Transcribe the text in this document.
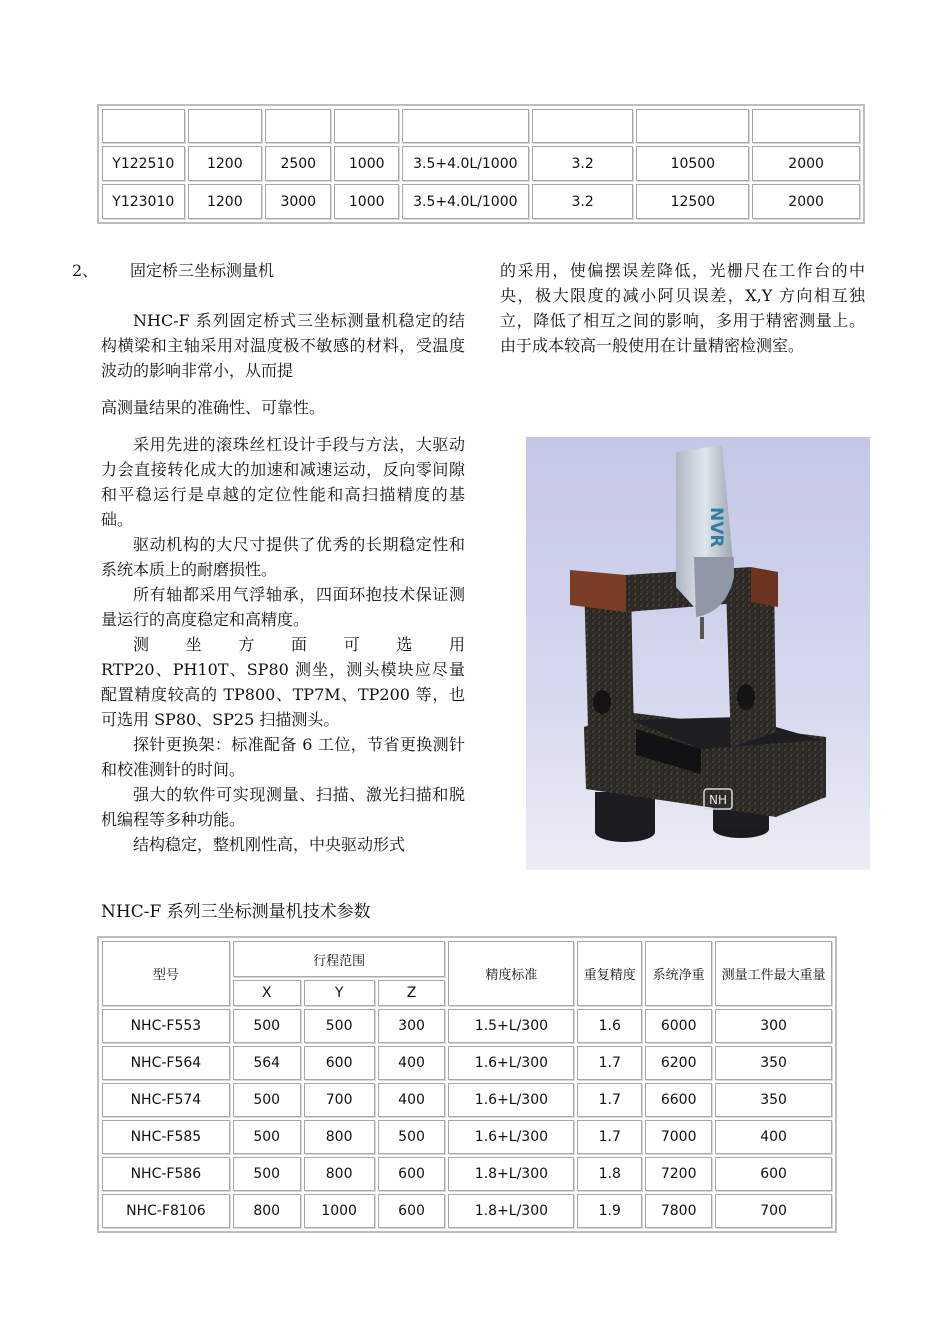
Y122510	1200	2500	1000	3.5+4.0L/1000	3.2	10500	2000
Y123010	1200	3000	1000	3.5+4.0L/1000	3.2	12500	2000
2、 固定桥三坐标测量机

NHC-F 系列固定桥式三坐标测量机稳定的结构横梁和主轴采用对温度极不敏感的材料，受温度波动的影响非常小，从而提

高测量结果的准确性、可靠性。

采用先进的滚珠丝杠设计手段与方法，大驱动力会直接转化成大的加速和减速运动，反向零间隙和平稳运行是卓越的定位性能和高扫描精度的基础。

驱动机构的大尺寸提供了优秀的长期稳定性和系统本质上的耐磨损性。

所有轴都采用气浮轴承，四面环抱技术保证测量运行的高度稳定和高精度。

测　坐　方　面　可　选　用

RTP20、PH10T、SP80 测坐，测头模块应尽量配置精度较高的 TP800、TP7M、TP200 等，也可选用 SP80、SP25 扫描测头。

探针更换架：标准配备 6 工位，节省更换测针和校准测针的时间。

强大的软件可实现测量、扫描、激光扫描和脱机编程等多种功能。

结构稳定，整机刚性高，中央驱动形式

的采用，使偏摆误差降低，光栅尺在工作台的中央，极大限度的减小阿贝误差，X,Y 方向相互独立，降低了相互之间的影响，多用于精密测量上。由于成本较高一般使用在计量精密检测室。

NVR
NH
NHC-F 系列三坐标测量机技术参数
型号	行程范围			精度标准	重复精度	系统净重	测量工件最大重量
	X	Y	Z				
NHC-F553	500	500	300	1.5+L/300	1.6	6000	300
NHC-F564	564	600	400	1.6+L/300	1.7	6200	350
NHC-F574	500	700	400	1.6+L/300	1.7	6600	350
NHC-F585	500	800	500	1.6+L/300	1.7	7000	400
NHC-F586	500	800	600	1.8+L/300	1.8	7200	600
NHC-F8106	800	1000	600	1.8+L/300	1.9	7800	700
